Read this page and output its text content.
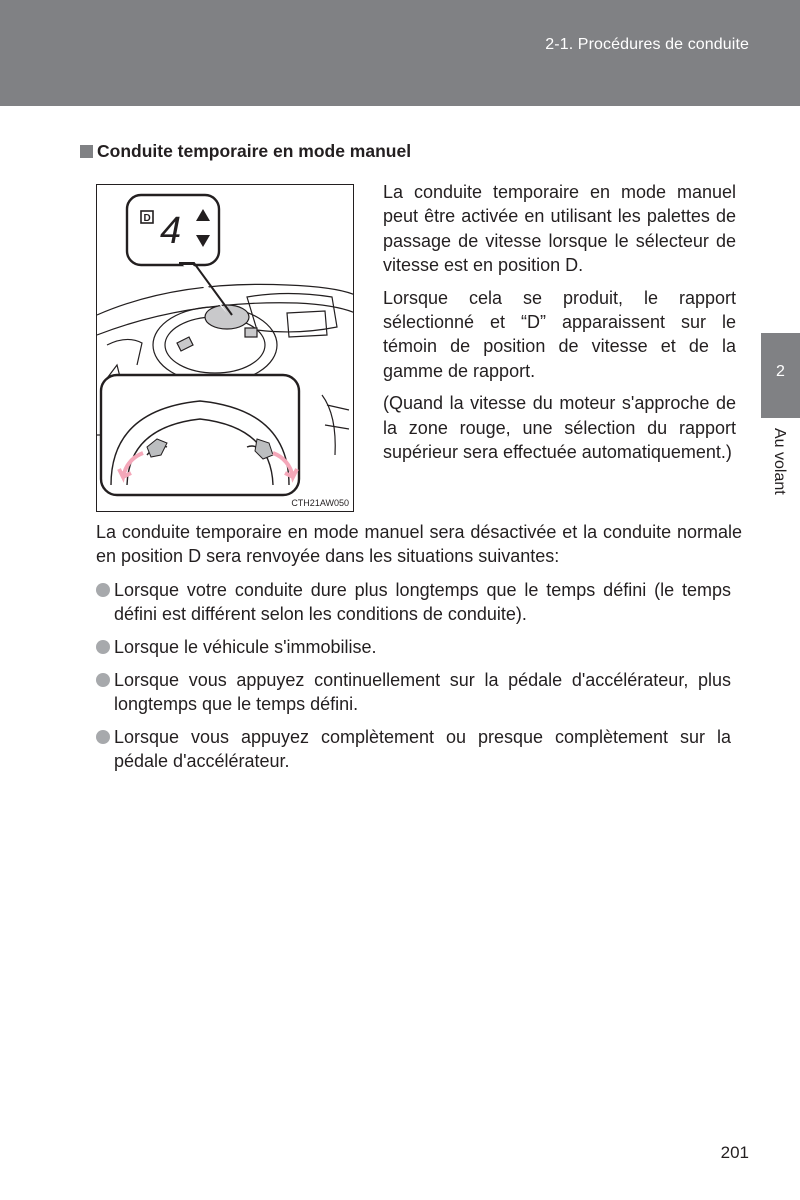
2-1. Procédures de conduite
2
Au volant
Conduite temporaire en mode manuel
D 4
CTH21AW050

La conduite temporaire en mode manuel peut être activée en utilisant les palettes de passage de vitesse lorsque le sélecteur de vitesse est en position D.

Lorsque cela se produit, le rapport sélectionné et “D” apparaissent sur le témoin de position de vitesse et de la gamme de rapport.

(Quand la vitesse du moteur s'approche de la zone rouge, une sélection du rapport supérieur sera effectuée automatiquement.)

La conduite temporaire en mode manuel sera désactivée et la conduite normale en position D sera renvoyée dans les situations suivantes:

Lorsque votre conduite dure plus longtemps que le temps défini (le temps défini est différent selon les conditions de conduite).
Lorsque le véhicule s'immobilise.
Lorsque vous appuyez continuellement sur la pédale d'accélérateur, plus longtemps que le temps défini.
Lorsque vous appuyez complètement ou presque complètement sur la pédale d'accélérateur.
201
